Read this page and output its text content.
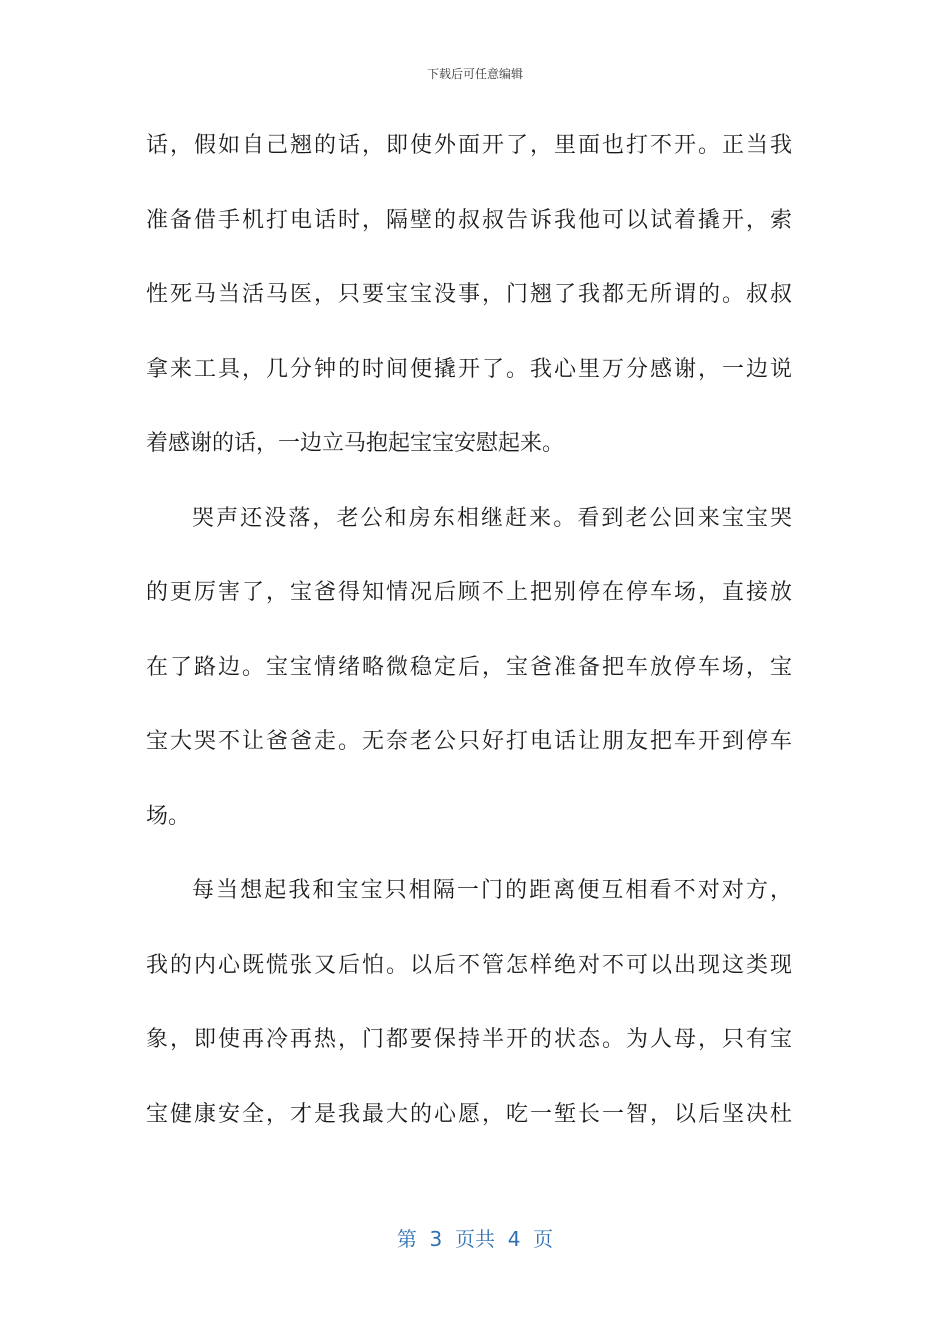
下载后可任意编辑
话，假如自己翘的话，即使外面开了，里面也打不开。正当我
准备借手机打电话时，隔壁的叔叔告诉我他可以试着撬开，索
性死马当活马医，只要宝宝没事，门翘了我都无所谓的。叔叔
拿来工具，几分钟的时间便撬开了。我心里万分感谢，一边说
着感谢的话，一边立马抱起宝宝安慰起来。
哭声还没落，老公和房东相继赶来。看到老公回来宝宝哭
的更厉害了，宝爸得知情况后顾不上把别停在停车场，直接放
在了路边。宝宝情绪略微稳定后，宝爸准备把车放停车场，宝
宝大哭不让爸爸走。无奈老公只好打电话让朋友把车开到停车
场。
每当想起我和宝宝只相隔一门的距离便互相看不对对方，
我的内心既慌张又后怕。以后不管怎样绝对不可以出现这类现
象，即使再冷再热，门都要保持半开的状态。为人母，只有宝
宝健康安全，才是我最大的心愿，吃一堑长一智，以后坚决杜
第  3  页共  4  页
